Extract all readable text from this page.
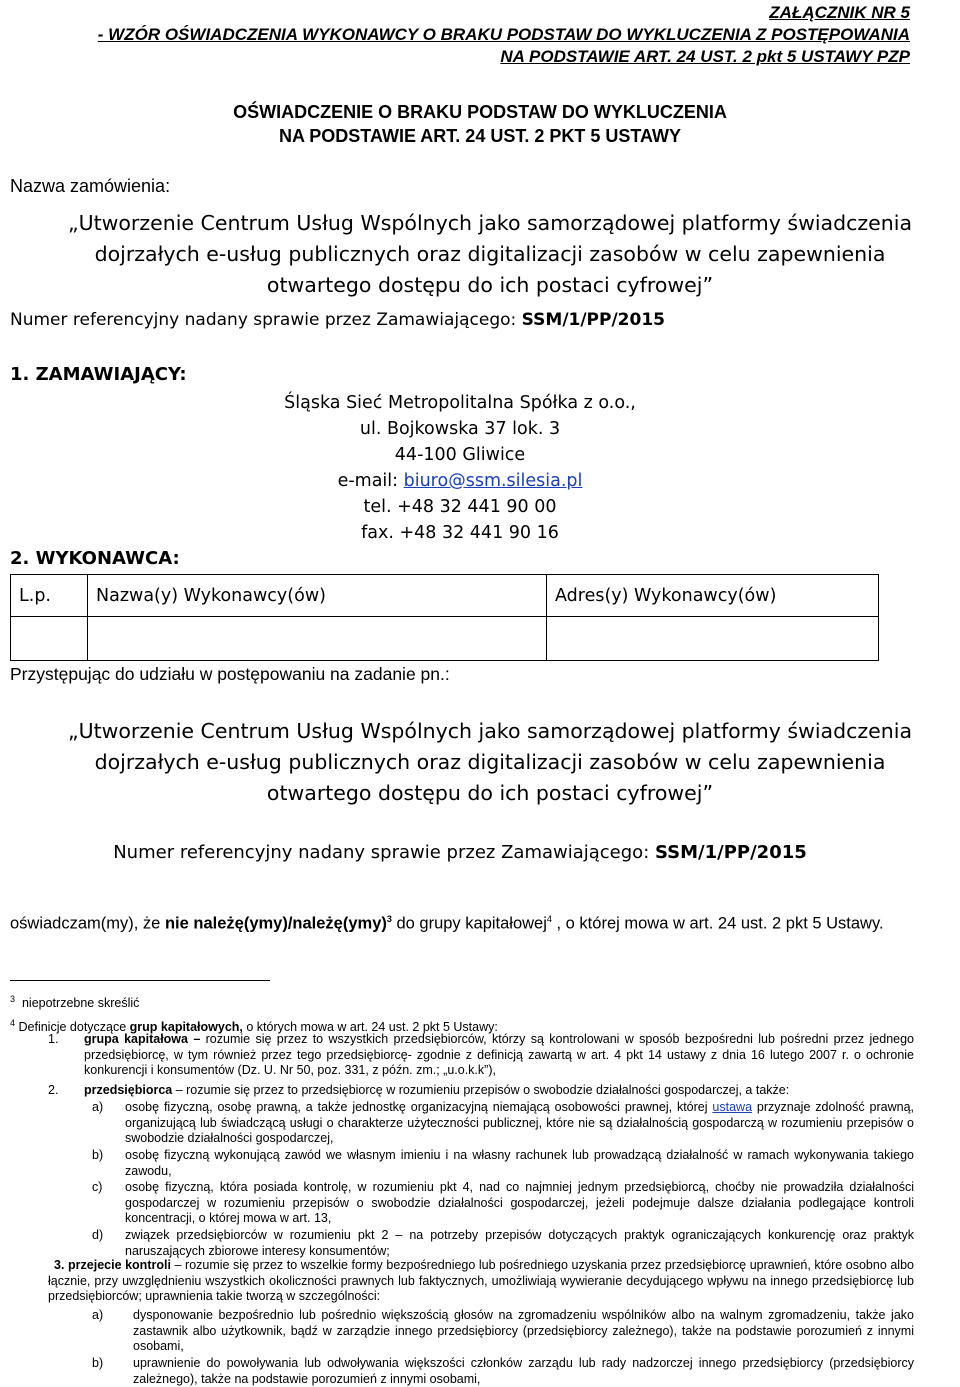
ZAŁĄCZNIK NR 5
- WZÓR OŚWIADCZENIA WYKONAWCY O BRAKU PODSTAW DO WYKLUCZENIA Z POSTĘPOWANIA
NA PODSTAWIE ART. 24 UST. 2 pkt 5 USTAWY PZP
OŚWIADCZENIE O BRAKU PODSTAW DO WYKLUCZENIA
NA PODSTAWIE ART. 24 UST. 2 PKT 5 USTAWY
Nazwa zamówienia:
„Utworzenie Centrum Usług Wspólnych jako samorządowej platformy świadczenia
dojrzałych e-usług publicznych oraz digitalizacji zasobów w celu zapewnienia
otwartego dostępu do ich postaci cyfrowej”
Numer referencyjny nadany sprawie przez Zamawiającego: SSM/1/PP/2015
1. ZAMAWIAJĄCY:
Śląska Sieć Metropolitalna Spółka z o.o.,
ul. Bojkowska 37 lok. 3
44-100 Gliwice
e-mail: biuro@ssm.silesia.pl
tel. +48 32 441 90 00
fax. +48 32 441 90 16
2. WYKONAWCA:
L.p.	Nazwa(y) Wykonawcy(ów)	Adres(y) Wykonawcy(ów)

Przystępując do udziału w postępowaniu na zadanie pn.:
„Utworzenie Centrum Usług Wspólnych jako samorządowej platformy świadczenia
dojrzałych e-usług publicznych oraz digitalizacji zasobów w celu zapewnienia
otwartego dostępu do ich postaci cyfrowej”
Numer referencyjny nadany sprawie przez Zamawiającego: SSM/1/PP/2015
oświadczam(my), że nie należę(ymy)/należę(ymy)$^3$ do grupy kapitałowej$^4$ , o której mowa w art. 24 ust. 2 pkt 5 Ustawy.
$^3$ niepotrzebne skreślić
$^4$ Definicje dotyczące grup kapitałowych, o których mowa w art. 24 ust. 2 pkt 5 Ustawy:
1. grupa kapitałowa – rozumie się przez to wszystkich przedsiębiorców, którzy są kontrolowani w sposób bezpośredni lub pośredni przez jednego przedsiębiorcę, w tym również przez tego przedsiębiorcę- zgodnie z definicją zawartą w art. 4 pkt 14 ustawy z dnia 16 lutego 2007 r. o ochronie konkurencji i konsumentów (Dz. U. Nr 50, poz. 331, z późn. zm.; „u.o.k.k”),
2. przedsiębiorca – rozumie się przez to przedsiębiorcę w rozumieniu przepisów o swobodzie działalności gospodarczej, a także:
a) osobę fizyczną, osobę prawną, a także jednostkę organizacyjną niemającą osobowości prawnej, której ustawa przyznaje zdolność prawną, organizującą lub świadczącą usługi o charakterze użyteczności publicznej, które nie są działalnością gospodarczą w rozumieniu przepisów o swobodzie działalności gospodarczej,
b) osobę fizyczną wykonującą zawód we własnym imieniu i na własny rachunek lub prowadzącą działalność w ramach wykonywania takiego zawodu,
c) osobę fizyczną, która posiada kontrolę, w rozumieniu pkt 4, nad co najmniej jednym przedsiębiorcą, choćby nie prowadziła działalności gospodarczej w rozumieniu przepisów o swobodzie działalności gospodarczej, jeżeli podejmuje dalsze działania podlegające kontroli koncentracji, o której mowa w art. 13,
d) związek przedsiębiorców w rozumieniu pkt 2 – na potrzeby przepisów dotyczących praktyk ograniczających konkurencję oraz praktyk naruszających zbiorowe interesy konsumentów;
3. przejecie kontroli – rozumie się przez to wszelkie formy bezpośredniego lub pośredniego uzyskania przez przedsiębiorcę uprawnień, które osobno albo łącznie, przy uwzględnieniu wszystkich okoliczności prawnych lub faktycznych, umożliwiają wywieranie decydującego wpływu na innego przedsiębiorcę lub przedsiębiorców; uprawnienia takie tworzą w szczególności:
a) dysponowanie bezpośrednio lub pośrednio większością głosów na zgromadzeniu wspólników albo na walnym zgromadzeniu, także jako zastawnik albo użytkownik, bądź w zarządzie innego przedsiębiorcy (przedsiębiorcy zależnego), także na podstawie porozumień z innymi osobami,
b) uprawnienie do powoływania lub odwoływania większości członków zarządu lub rady nadzorczej innego przedsiębiorcy (przedsiębiorcy zależnego), także na podstawie porozumień z innymi osobami,
